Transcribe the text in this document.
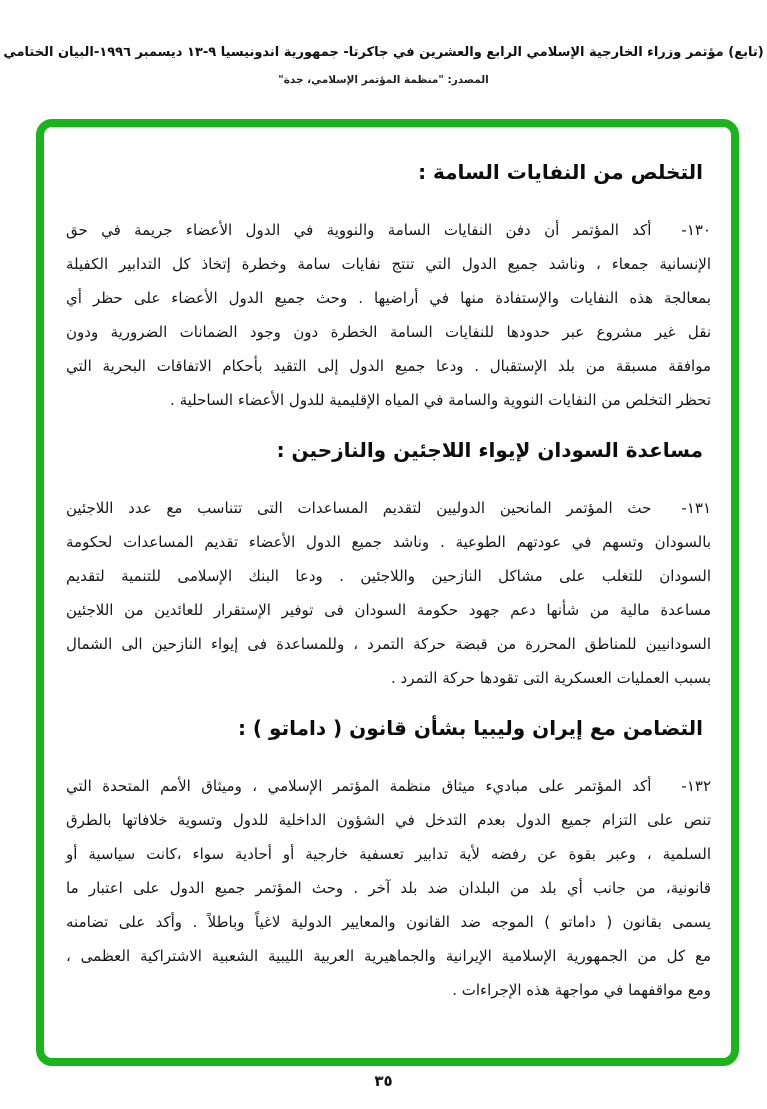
(تابع) مؤتمر وزراء الخارجية الإسلامي الرابع والعشرين في جاكرتا- جمهورية اندونيسيا ٩-١٣ ديسمبر ١٩٩٦-البيان الختامي
المصدر: "منظمة المؤتمر الإسلامي، جدة"
التخلص من النفايات السامة :
١٣٠-أكد المؤتمر أن دفن النفايات السامة والنووية في الدول الأعضاء جريمة في حق
الإنسانية جمعاء ، وناشد جميع الدول التي تنتج نفايات سامة وخطرة إتخاذ كل التدابير الكفيلة
بمعالجة هذه النفايات والإستفادة منها في أراضيها . وحث جميع الدول الأعضاء على حظر أي
نقل غير مشروع عبر حدودها للنفايات السامة الخطرة دون وجود الضمانات الضرورية ودون
موافقة مسبقة من بلد الإستقبال . ودعا جميع الدول إلى التقيد بأحكام الاتفاقات البحرية التي
تحظر التخلص من النفايات النووية والسامة في المياه الإقليمية للدول الأعضاء الساحلية .
مساعدة السودان لإيواء اللاجئين والنازحين :
١٣١-حث المؤتمر المانحين الدوليين لتقديم المساعدات التى تتناسب مع عدد اللاجئين
بالسودان وتسهم في عودتهم الطوعية . وناشد جميع الدول الأعضاء تقديم المساعدات لحكومة
السودان للتغلب على مشاكل النازحين واللاجئين . ودعا البنك الإسلامى للتنمية لتقديم
مساعدة مالية من شأنها دعم جهود حكومة السودان فى توفير الإستقرار للعائدين من اللاجئين
السودانيين للمناطق المحررة من قبضة حركة التمرد ، وللمساعدة فى إيواء النازحين الى الشمال
بسبب العمليات العسكرية التى تقودها حركة التمرد .
التضامن مع إيران وليبيا بشأن قانون ( داماتو ) :
١٣٢-أكد المؤتمر على مباديء ميثاق منظمة المؤتمر الإسلامي ، وميثاق الأمم المتحدة التي
تنص على التزام جميع الدول بعدم التدخل في الشؤون الداخلية للدول وتسوية خلافاتها بالطرق
السلمية ، وعبر بقوة عن رفضه لأية تدابير تعسفية خارجية أو أحادية سواء ،كانت سياسية أو
قانونية، من جانب أي بلد من البلدان ضد بلد آخر . وحث المؤتمر جميع الدول على اعتبار ما
يسمى بقانون ( داماتو ) الموجه ضد القانون والمعايير الدولية لاغياً وباطلاً . وأكد على تضامنه
مع كل من الجمهورية الإسلامية الإيرانية والجماهيرية العربية الليبية الشعبية الاشتراكية العظمى ،
ومع مواقفهما في مواجهة هذه الإجراءات .
٣٥
